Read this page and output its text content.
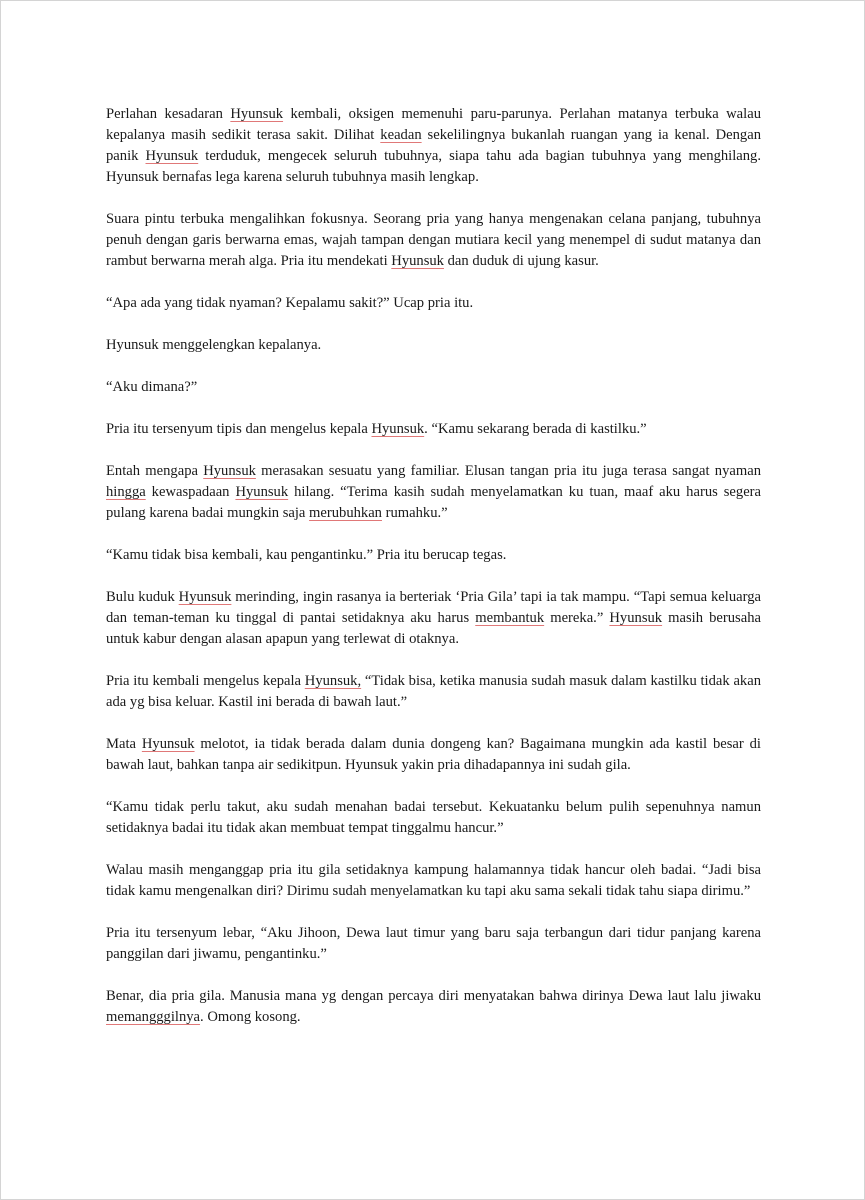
Perlahan kesadaran Hyunsuk kembali, oksigen memenuhi paru-parunya. Perlahan matanya terbuka walau kepalanya masih sedikit terasa sakit. Dilihat keadan sekelilingnya bukanlah ruangan yang ia kenal. Dengan panik Hyunsuk terduduk, mengecek seluruh tubuhnya, siapa tahu ada bagian tubuhnya yang menghilang. Hyunsuk bernafas lega karena seluruh tubuhnya masih lengkap.

Suara pintu terbuka mengalihkan fokusnya. Seorang pria yang hanya mengenakan celana panjang, tubuhnya penuh dengan garis berwarna emas, wajah tampan dengan mutiara kecil yang menempel di sudut matanya dan rambut berwarna merah alga. Pria itu mendekati Hyunsuk dan duduk di ujung kasur.

“Apa ada yang tidak nyaman? Kepalamu sakit?” Ucap pria itu.

Hyunsuk menggelengkan kepalanya.

“Aku dimana?”

Pria itu tersenyum tipis dan mengelus kepala Hyunsuk. “Kamu sekarang berada di kastilku.”

Entah mengapa Hyunsuk merasakan sesuatu yang familiar. Elusan tangan pria itu juga terasa sangat nyaman hingga kewaspadaan Hyunsuk hilang. “Terima kasih sudah menyelamatkan ku tuan, maaf aku harus segera pulang karena badai mungkin saja merubuhkan rumahku.”

“Kamu tidak bisa kembali, kau pengantinku.” Pria itu berucap tegas.

Bulu kuduk Hyunsuk merinding, ingin rasanya ia berteriak ‘Pria Gila’ tapi ia tak mampu. “Tapi semua keluarga dan teman-teman ku tinggal di pantai setidaknya aku harus membantuk mereka.” Hyunsuk masih berusaha untuk kabur dengan alasan apapun yang terlewat di otaknya.

Pria itu kembali mengelus kepala Hyunsuk, “Tidak bisa, ketika manusia sudah masuk dalam kastilku tidak akan ada yg bisa keluar. Kastil ini berada di bawah laut.”

Mata Hyunsuk melotot, ia tidak berada dalam dunia dongeng kan? Bagaimana mungkin ada kastil besar di bawah laut, bahkan tanpa air sedikitpun. Hyunsuk yakin pria dihadapannya ini sudah gila.

“Kamu tidak perlu takut, aku sudah menahan badai tersebut. Kekuatanku belum pulih sepenuhnya namun setidaknya badai itu tidak akan membuat tempat tinggalmu hancur.”

Walau masih menganggap pria itu gila setidaknya kampung halamannya tidak hancur oleh badai. “Jadi bisa tidak kamu mengenalkan diri? Dirimu sudah menyelamatkan ku tapi aku sama sekali tidak tahu siapa dirimu.”

Pria itu tersenyum lebar, “Aku Jihoon, Dewa laut timur yang baru saja terbangun dari tidur panjang karena panggilan dari jiwamu, pengantinku.”

Benar, dia pria gila. Manusia mana yg dengan percaya diri menyatakan bahwa dirinya Dewa laut lalu jiwaku memangggilnya. Omong kosong.
